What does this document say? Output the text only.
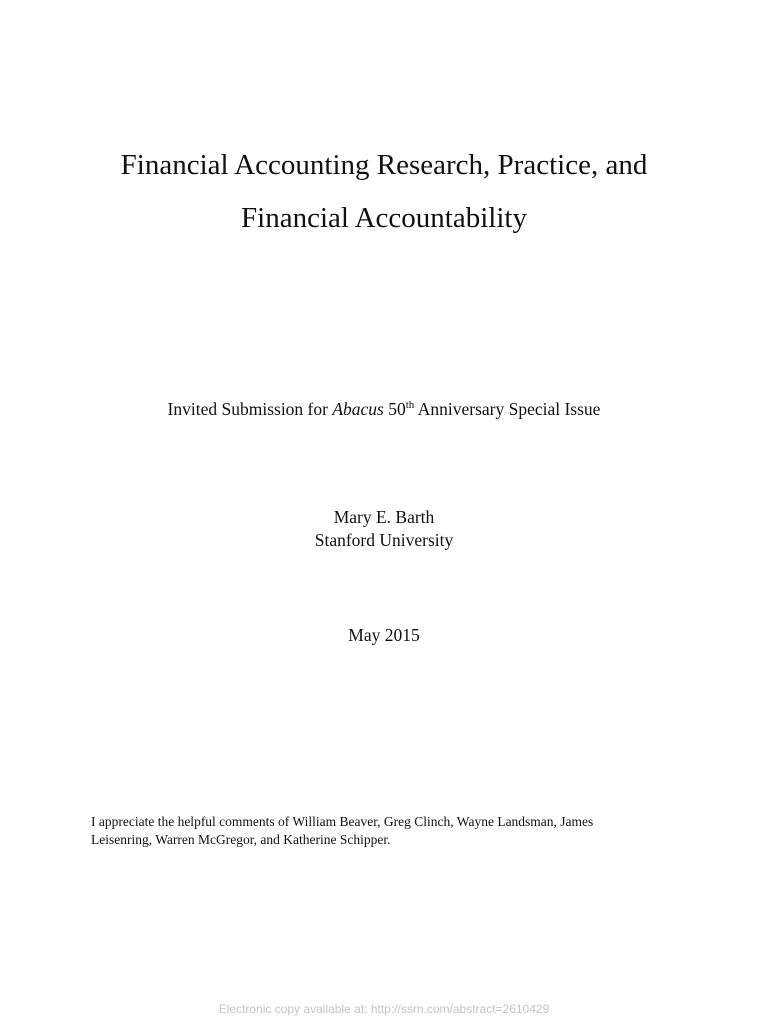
Financial Accounting Research, Practice, and
Financial Accountability
Invited Submission for Abacus 50th Anniversary Special Issue
Mary E. Barth
Stanford University
May 2015
I appreciate the helpful comments of William Beaver, Greg Clinch, Wayne Landsman, James
Leisenring, Warren McGregor, and Katherine Schipper.
Electronic copy available at: http://ssrn.com/abstract=2610429
